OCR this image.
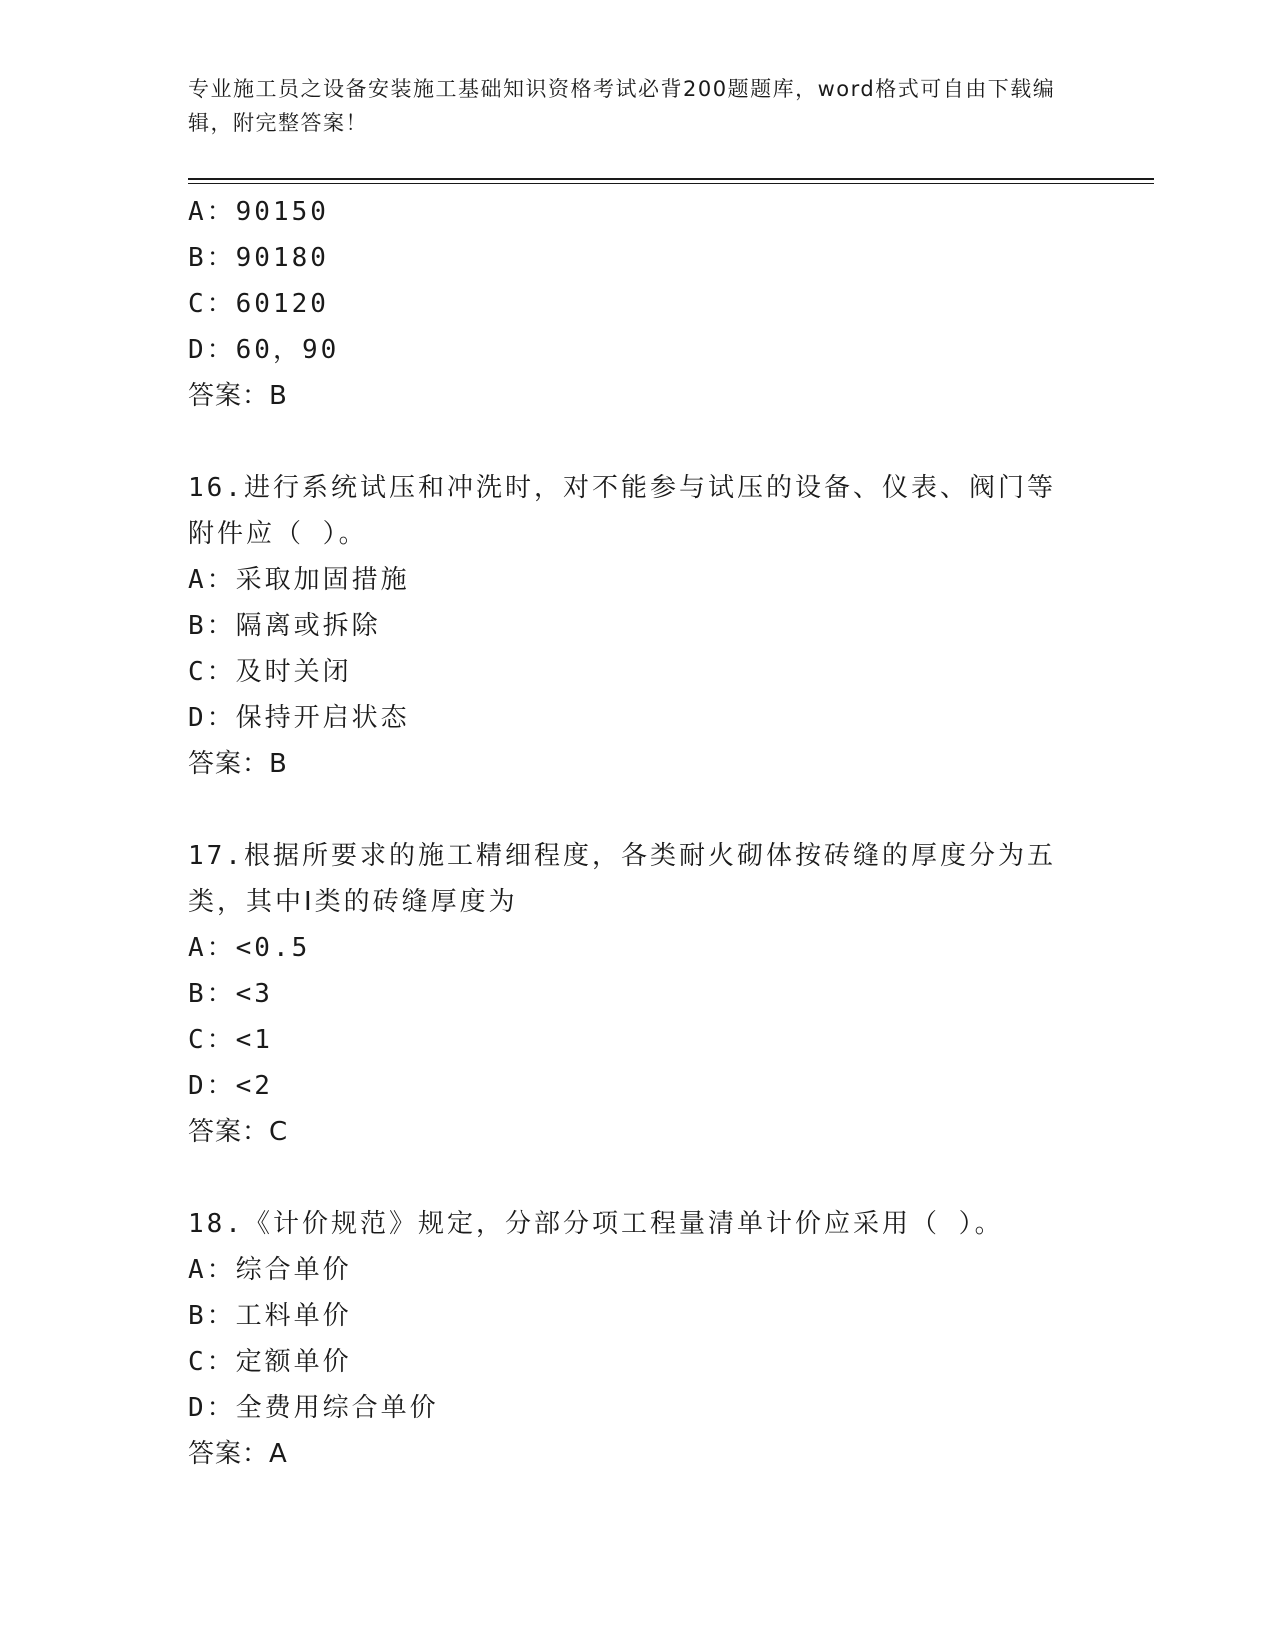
专业施工员之设备安装施工基础知识资格考试必背200题题库，word格式可自由下载编辑，附完整答案！
A：90150
B：90180
C：60120
D：60，90
答案：B
16.进行系统试压和冲洗时，对不能参与试压的设备、仪表、阀门等附件应（ ）。
A：采取加固措施
B：隔离或拆除
C：及时关闭
D：保持开启状态
答案：B
17.根据所要求的施工精细程度，各类耐火砌体按砖缝的厚度分为五类，其中Ⅰ类的砖缝厚度为
A：<0.5
B：<3
C：<1
D：<2
答案：C
18.《计价规范》规定，分部分项工程量清单计价应采用（ ）。
A：综合单价
B：工料单价
C：定额单价
D：全费用综合单价
答案：A
